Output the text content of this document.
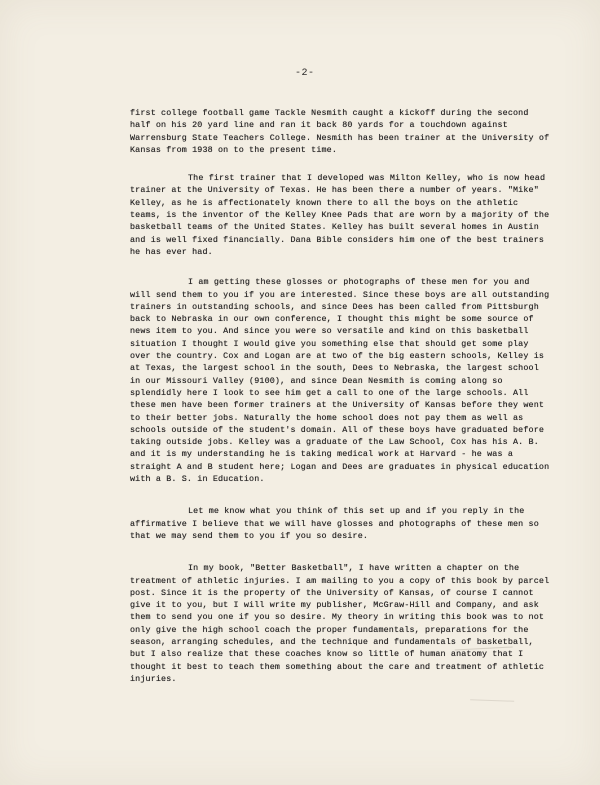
-2-

first college football game Tackle Nesmith caught a kickoff during the second half on his 20 yard line and ran it back 80 yards for a touchdown against Warrensburg State Teachers College. Nesmith has been trainer at the University of Kansas from 1938 on to the present time.

The first trainer that I developed was Milton Kelley, who is now head trainer at the University of Texas. He has been there a number of years. "Mike" Kelley, as he is affectionately known there to all the boys on the athletic teams, is the inventor of the Kelley Knee Pads that are worn by a majority of the basketball teams of the United States. Kelley has built several homes in Austin and is well fixed financially. Dana Bible considers him one of the best trainers he has ever had.

I am getting these glosses or photographs of these men for you and will send them to you if you are interested. Since these boys are all outstanding trainers in outstanding schools, and since Dees has been called from Pittsburgh back to Nebraska in our own conference, I thought this might be some source of news item to you. And since you were so versatile and kind on this basketball situation I thought I would give you something else that should get some play over the country. Cox and Logan are at two of the big eastern schools, Kelley is at Texas, the largest school in the south, Dees to Nebraska, the largest school in our Missouri Valley (9100), and since Dean Nesmith is coming along so splendidly here I look to see him get a call to one of the large schools. All these men have been former trainers at the University of Kansas before they went to their better jobs. Naturally the home school does not pay them as well as schools outside of the student's domain. All of these boys have graduated before taking outside jobs. Kelley was a graduate of the Law School, Cox has his A. B. and it is my understanding he is taking medical work at Harvard - he was a straight A and B student here; Logan and Dees are graduates in physical education with a B. S. in Education.

Let me know what you think of this set up and if you reply in the affirmative I believe that we will have glosses and photographs of these men so that we may send them to you if you so desire.

In my book, "Better Basketball", I have written a chapter on the treatment of athletic injuries. I am mailing to you a copy of this book by parcel post. Since it is the property of the University of Kansas, of course I cannot give it to you, but I will write my publisher, McGraw-Hill and Company, and ask them to send you one if you so desire. My theory in writing this book was to not only give the high school coach the proper fundamentals, preparations for the season, arranging schedules, and the technique and fundamentals of basketball, but I also realize that these coaches know so little of human anatomy that I thought it best to teach them something about the care and treatment of athletic injuries.
